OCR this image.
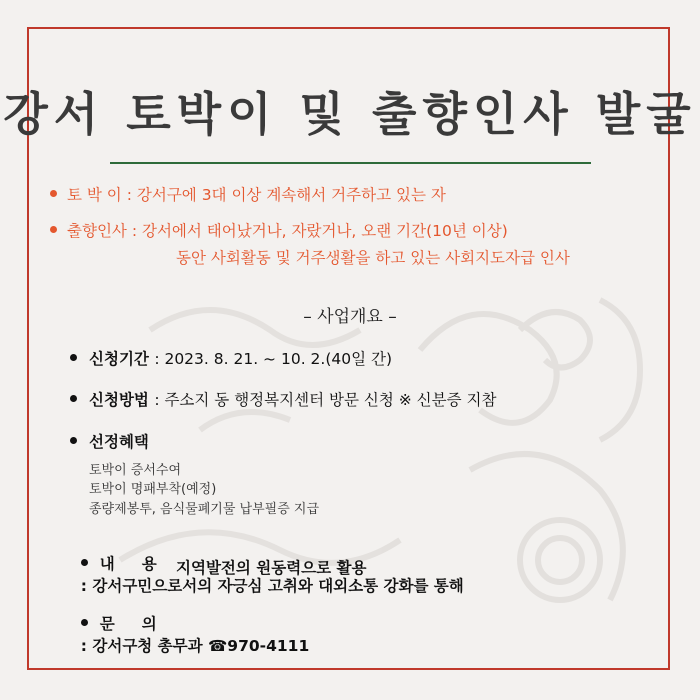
강서 토박이 및 출향인사 발굴
토 박 이 : 강서구에 3대 이상 계속해서 거주하고 있는 자
출향인사 : 강서에서 태어났거나, 자랐거나, 오랜 기간(10년 이상)
동안 사회활동 및 거주생활을 하고 있는 사회지도자급 인사
– 사업개요 –
신청기간 : 2023. 8. 21. ~ 10. 2.(40일 간)
신청방법 : 주소지 동 행정복지센터 방문 신청 ※ 신분증 지참
선정혜택
토박이 증서수여
토박이 명패부착(예정)
종량제봉투, 음식물폐기물 납부필증 지급

내     용
: 강서구민으로서의 자긍심 고취와 대외소통 강화를 통해

지역발전의 원동력으로 활용

문     의
: 강서구청 총무과 ☎970-4111
